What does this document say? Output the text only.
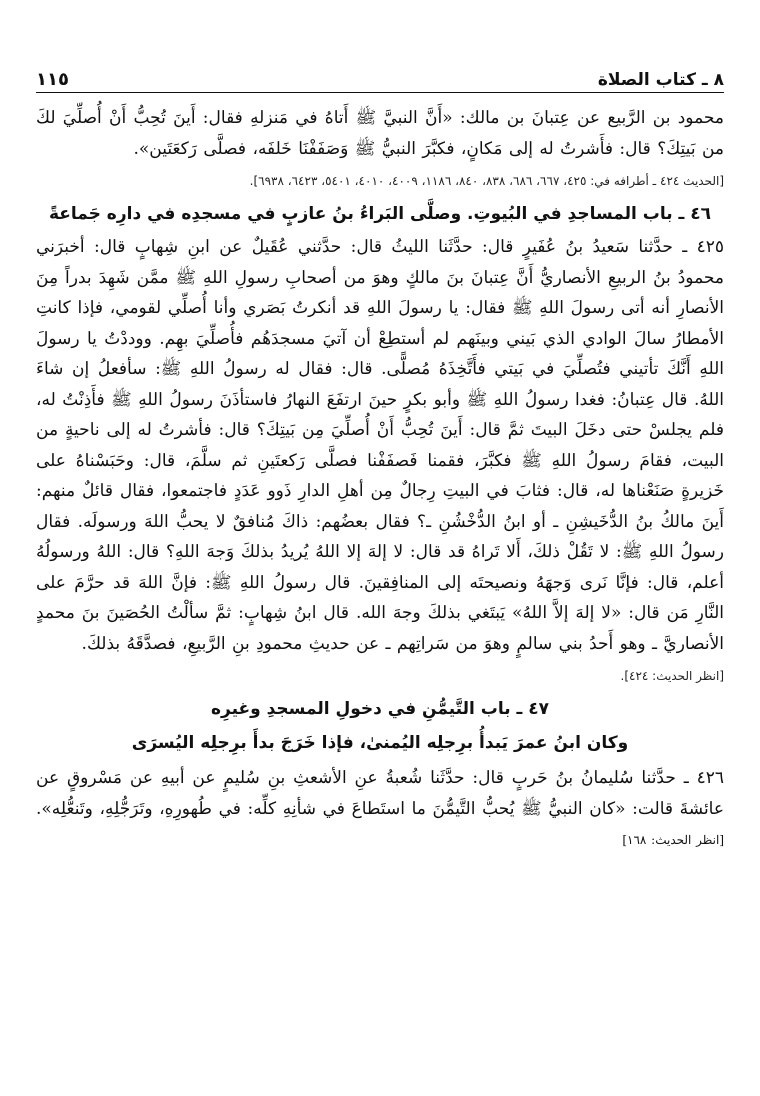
٨ ـ كتاب الصلاة
١١٥

محمود بن الرَّبيع عن عِتبانَ بن مالك: «أَنَّ النبيَّ ﷺ أَتاهُ في مَنزلهِ فقال: أَينَ تُحِبُّ أَنْ أُصلِّيَ لكَ من بَيتِكَ؟ قال: فأَشرتُ له إلى مَكانٍ، فكبَّرَ النبيُّ ﷺ وَصَفَفْنَا خَلفَه، فصلَّى رَكعَتَين».

[الحديث ٤٢٤ ـ أطرافه في: ٤٢٥، ٦٦٧، ٦٨٦، ٨٣٨، ٨٤٠، ١١٨٦، ٤٠٠٩، ٤٠١٠، ٥٤٠١، ٦٤٢٣، ٦٩٣٨].
٤٦ ـ باب المساجدِ في البُيوتِ. وصلَّى البَراءُ بنُ عازبٍ في مسجدِه في دارِه جَماعةً

٤٢٥ ـ حدَّثنا سَعيدُ بنُ عُفَيرٍ قال: حدَّثَنا الليثُ قال: حدَّثني عُقَيلٌ عن ابنِ شِهابٍ قال: أخبرَني محمودُ بنُ الربيعِ الأنصاريُّ أَنَّ عِتبانَ بنَ مالكٍ وهوَ من أصحابِ رسولِ اللهِ ﷺ ممَّن شَهِدَ بدراً مِنَ الأنصارِ أنه أتى رسولَ اللهِ ﷺ فقال: يا رسولَ اللهِ قد أنكرتُ بَصَري وأنا أُصلِّي لقومي، فإذا كانتِ الأمطارُ سالَ الوادي الذي بَيني وبينَهم لم أستطِعْ أن آتيَ مسجدَهُم فأُصلِّيَ بهِم. ووددْتُ يا رسولَ اللهِ أَنَّكَ تأتيني فتُصلِّيَ في بَيتي فأَتَّخِذَهُ مُصلًّى. قال: فقال له رسولُ اللهِ ﷺ: سأفعلُ إن شاءَ اللهُ. قال عِتبانُ: فغدا رسولُ اللهِ ﷺ وأبو بكرٍ حينَ ارتفَعَ النهارُ فاستأذَنَ رسولُ اللهِ ﷺ فأَذِنْتُ له، فلم يجلسْ حتى دخَلَ البيتَ ثمَّ قال: أَينَ تُحِبُّ أَنْ أُصلِّيَ مِن بَيتِكَ؟ قال: فأشرتُ له إلى ناحيةٍ من البيت، فقامَ رسولُ اللهِ ﷺ فكبَّرَ، فقمنا فَصفَفْنا فصلَّى رَكعتَينِ ثم سلَّمَ، قال: وحَبَسْناهُ على خَزيرةٍ صَنَعْناها له، قال: فثابَ في البيتِ رِجالٌ مِن أهلِ الدارِ ذَوو عَدَدٍ فاجتمعوا، فقال قائلٌ منهم: أَينَ مالكُ بنُ الدُّخَيشِنِ ـ أو ابنُ الدُّخْشُنِ ـ؟ فقال بعضُهم: ذاكَ مُنافقٌ لا يحبُّ اللهَ ورسولَه. فقال رسولُ اللهِ ﷺ: لا تَقُلْ ذلكَ، أَلا تَراهُ قد قال: لا إلهَ إلا اللهُ يُريدُ بذلكَ وَجهَ اللهِ؟ قال: اللهُ ورسولُهُ أعلم، قال: فإنَّا نَرى وَجهَهُ ونصيحتَه إلى المنافِقينَ. قال رسولُ اللهِ ﷺ: فإنَّ اللهَ قد حرَّمَ على النَّارِ مَن قال: «لا إلهَ إلاَّ اللهُ» يَبتَغي بذلكَ وجهَ الله. قال ابنُ شِهابٍ: ثمَّ سألْتُ الحُصَينَ بنَ محمدٍ الأنصاريَّ ـ وهو أَحدُ بني سالمٍ وهوَ من سَراتِهم ـ عن حديثِ محمودِ بنِ الرَّبيعِ، فصدَّقَهُ بذلكَ.

[انظر الحديث: ٤٢٤].
٤٧ ـ باب التَّيمُّنِ في دخولِ المسجدِ وغيرِه
وكان ابنُ عمرَ يَبدأُ برِجلِه اليُمنىٰ، فإذا خَرَجَ بدأَ برِجلِه اليُسرَى

٤٢٦ ـ حدَّثنا سُليمانُ بنُ حَربٍ قال: حدَّثَنا شُعبةُ عنِ الأشعثِ بنِ سُليمٍ عن أبيهِ عن مَسْروقٍ عن عائشةَ قالت: «كان النبيُّ ﷺ يُحبُّ التَّيمُّنَ ما استَطاعَ في شأنِهِ كلِّه: في طُهورِهِ، وتَرَجُّلِهِ، وتَنعُّلِه». [انظر الحديث: ١٦٨]
